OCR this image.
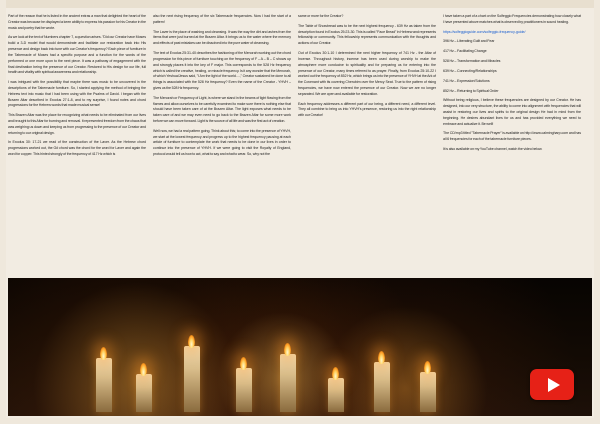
Part of the reason that he is listed in the ancient extras a man that delighted the heart of the Creator was because he displayed a keen ability to express his passion for his Creator in the music and poetry that he wrote.

As we look at the text of Numbers chapter 7, a question arises. "Did our Creator have Moses build a 3-D model that would demonstrate and facilitate our restoration back into His presence and design back into tune with our Creator's frequency? Each piece of furniture in the Tabernacle of Moses had a specific purpose and a function for the words of the performed or one more upon to the next piece. It was a pathway of engagement with the final destination being the presence of our Creator. Restored to His design for our life, full health and vitality with spiritual awareness and relationship.

I was intrigued with the possibility that maybe there was music to be uncovered in the descriptions of the Tabernacle furniture. So, I started applying the method of bringing the Hebrew text into music that I had been using with the Psalms of David. I began with the Brazen Altar described in Exodus 27:1-8, and to my surprise, I found notes and chord progressions for the Hebrew words that made musical sense!

This Brazen Altar was the place for recognizing what needs to be eliminated from our lives and brought to this Altar for burning and removal. It represented freedom from the chaos that was weighing us down and keeping us from progressing to the presence of our Creator and returning to our original design.

In Exodus 30: 17-21 we read of the construction of the Laver. As the Hebrew chord progressions worked out, the G# chord was the chord for the word for Laver and again the word for copper. This hinted strongly of the frequency of 417 Hz which is

also the next rising frequency of the six Tabernacle frequencies. Now I had the start of a pattern!

The Laver is the place of washing and cleansing. It was the way the dirt and ashes from the items that were just burned at the Brazen Altar. It brings us to the water where the memory and effects of past mistakes can be dissolved into the pure water of cleansing.

The text of Exodus 25:31-40 describes the fashioning of the Menorah working out the chord progression for this piece of furniture touching on the frequency of F – A – B – C shows up and strongly places it into the key of F major. This corresponds to the 528 Hz frequency which is called the creative, healing, or miracle frequency. Is it any wonder that the Menorah, of which Yeshua/Jesus said, "I Am the light of the world....," Creator sustained be done to all things is associated with the 528 Hz frequency? Even the name of the Creator - YHVH – gives us the 528 Hz frequency.

The Menorah or Frequency of Light, is where we stand in the beams of light flowing from the flames and allow ourselves to be carefully examined to make sure there is nothing else that should have been taken care of at the Brazen Altar. The light exposes what needs to be taken care of and we may even need to go back to the Brazen Altar for some more work before we can move forward. Light is the source of all life and was the first act of creation.

Well now, we had a real pattern going. Think about this; to come into the presence of YHVH, we start at the lowest frequency and progress up to the highest frequency pausing at each article of furniture to contemplate the work that needs to be done in our lives in order to continue into the presence of YHVH. If we were going to visit the Royalty of England, protocol would tell us how to act, what to say and what to wear. So, why not the

same or more for the Creator?

The Table of Showbread was to be the next highest frequency - 639 Hz as taken from the description found in Exodus 25:23-30. This is called "Face Bread" in Hebrew and represents fellowship or community. This fellowship represents communication with the thoughts and actions of our Creator.

Out of Exodus 30:1-10 I determined the next higher frequency of 741 Hz - the Altar of Incense. Throughout history, incense has been used during worship to make the atmosphere more conducive to spirituality and for preparing us for entering into the presence of our Creator, many times referred to as prayer. Finally, from Exodus 25:10-22 I worked out the frequency of 852 Hz, which brings us into the presence of YHVH at the Ark of the Covenant with its covering Cherubim over the Mercy Seat. True to the pattern of rising frequencies, we have now entered the presence of our Creator. Now we are no longer separated. We are open and available for restoration.

Each frequency addresses a different part of our being, a different need, a different level. They all combine to bring us into YHVH's presence, restoring us into the right relationship with our Creator!

I have taken a part of a chart on the Solfeggio Frequencies demonstrating how closely what I have presented above matches what is observed by practitioners in sound healing.

https://solfeggioguide.com/solfeggio-frequency-guide/

396 Hz – Liberating Guilt and Fear

417 Hz – Facilitating Change

528 Hz – Transformation and Miracles

639 Hz – Connecting/Relationships

741 Hz – Expression/Solutions

852 Hz – Returning to Spiritual Order

Without being religious, I believe these frequencies are designed by our Creator. He has designed, into our very structure, the ability to come into alignment with frequencies that will assist in restoring our lives and spirits to the original design He had in mind from the beginning. He desires abundant lives for us and has provided everything we need to embrace and actualize it. Be well!

The CD/mp3 titled "Tabernacle Prayer" is available on http://www.calmingharp.com and has all 6 frequencies for each of the tabernacle furniture pieces.

It is also available on my YouTube channel, watch the video below.
